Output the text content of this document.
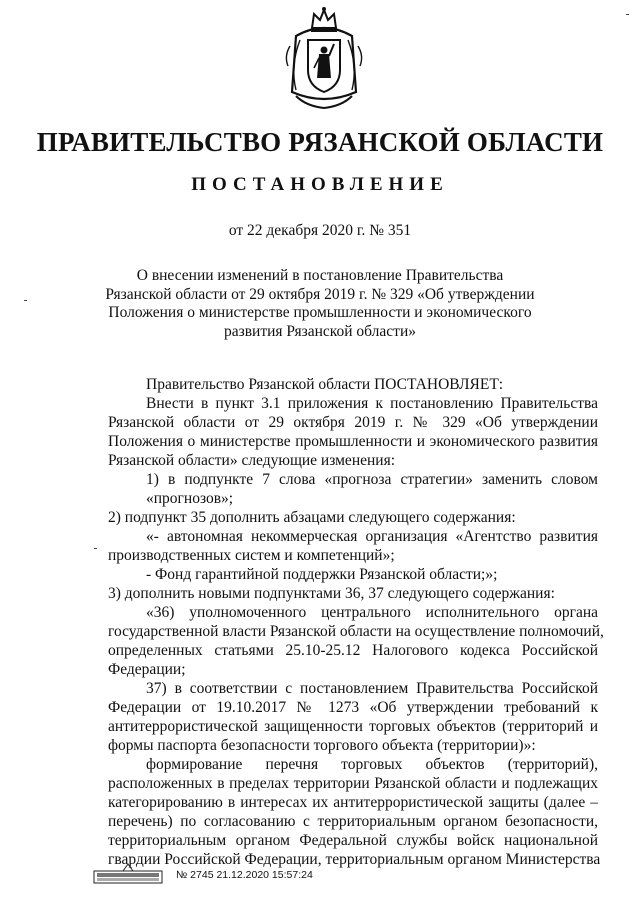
ПРАВИТЕЛЬСТВО РЯЗАНСКОЙ ОБЛАСТИ
ПОСТАНОВЛЕНИЕ
от 22 декабря 2020 г. № 351
О внесении изменений в постановление Правительства
Рязанской области от 29 октября 2019 г. № 329 «Об утверждении
Положения о министерстве промышленности и экономического
развития Рязанской области»
Правительство Рязанской области ПОСТАНОВЛЯЕТ:
Внести в пункт 3.1 приложения к постановлению Правительства
Рязанской области от 29 октября 2019 г. № 329 «Об утверждении
Положения о министерстве промышленности и экономического развития
Рязанской области» следующие изменения:
1) в подпункте 7 слова «прогноза стратегии» заменить словом
«прогнозов»;
2) подпункт 35 дополнить абзацами следующего содержания:
«- автономная некоммерческая организация «Агентство развития
производственных систем и компетенций»;
- Фонд гарантийной поддержки Рязанской области;»;
3) дополнить новыми подпунктами 36, 37 следующего содержания:
«36) уполномоченного центрального исполнительного органа
государственной власти Рязанской области на осуществление полномочий,
определенных статьями 25.10-25.12 Налогового кодекса Российской
Федерации;
37) в соответствии с постановлением Правительства Российской
Федерации от 19.10.2017 № 1273 «Об утверждении требований к
антитеррористической защищенности торговых объектов (территорий и
формы паспорта безопасности торгового объекта (территории)»:
формирование перечня торговых объектов (территорий),
расположенных в пределах территории Рязанской области и подлежащих
категорированию в интересах их антитеррористической защиты (далее –
перечень) по согласованию с территориальным органом безопасности,
территориальным органом Федеральной службы войск национальной
гвардии Российской Федерации, территориальным органом Министерства
№ 2745 21.12.2020 15:57:24
